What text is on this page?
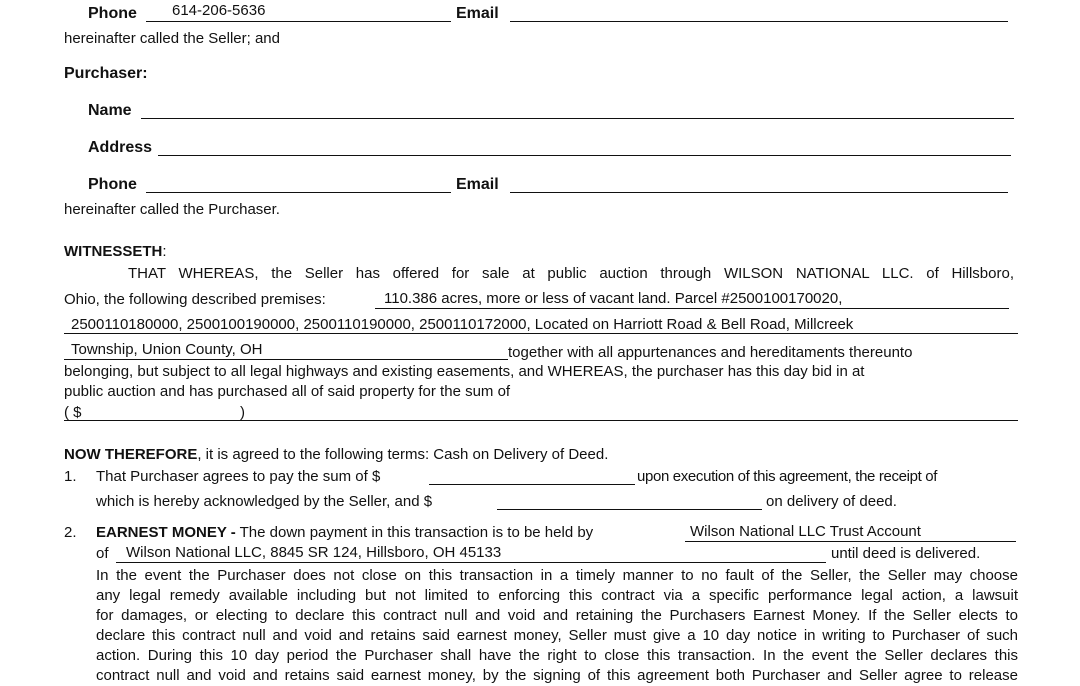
Phone 614-206-5636	Email
hereinafter called the Seller; and
Purchaser:
Name
Address
Phone	Email
hereinafter called the Purchaser.
WITNESSETH:
THAT WHEREAS, the Seller has offered for sale at public auction through WILSON NATIONAL LLC. of Hillsboro,
Ohio, the following described premises:	110.386 acres, more or less of vacant land. Parcel #2500100170020,
2500110180000, 2500100190000, 2500110190000, 2500110172000, Located on Harriott Road & Bell Road, Millcreek
Township, Union County, OH	together with all appurtenances and hereditaments thereunto
belonging, but subject to all legal highways and existing easements, and WHEREAS, the purchaser has this day bid in at
public auction and has purchased all of said property for the sum of
( $	)
NOW THEREFORE, it is agreed to the following terms: Cash on Delivery of Deed.
1. That Purchaser agrees to pay the sum of $	upon execution of this agreement, the receipt of
which is hereby acknowledged by the Seller, and $	on delivery of deed.
2. EARNEST MONEY - The down payment in this transaction is to be held by	Wilson National LLC Trust Account
of Wilson National LLC, 8845 SR 124, Hillsboro, OH 45133	until deed is delivered.
In the event the Purchaser does not close on this transaction in a timely manner to no fault of the Seller, the Seller may choose
any legal remedy available including but not limited to enforcing this contract via a specific performance legal action, a lawsuit
for damages, or electing to declare this contract null and void and retaining the Purchasers Earnest Money. If the Seller elects to
declare this contract null and void and retains said earnest money, Seller must give a 10 day notice in writing to Purchaser of such
action. During this 10 day period the Purchaser shall have the right to close this transaction. In the event the Seller declares this
contract null and void and retains said earnest money, by the signing of this agreement both Purchaser and Seller agree to release
